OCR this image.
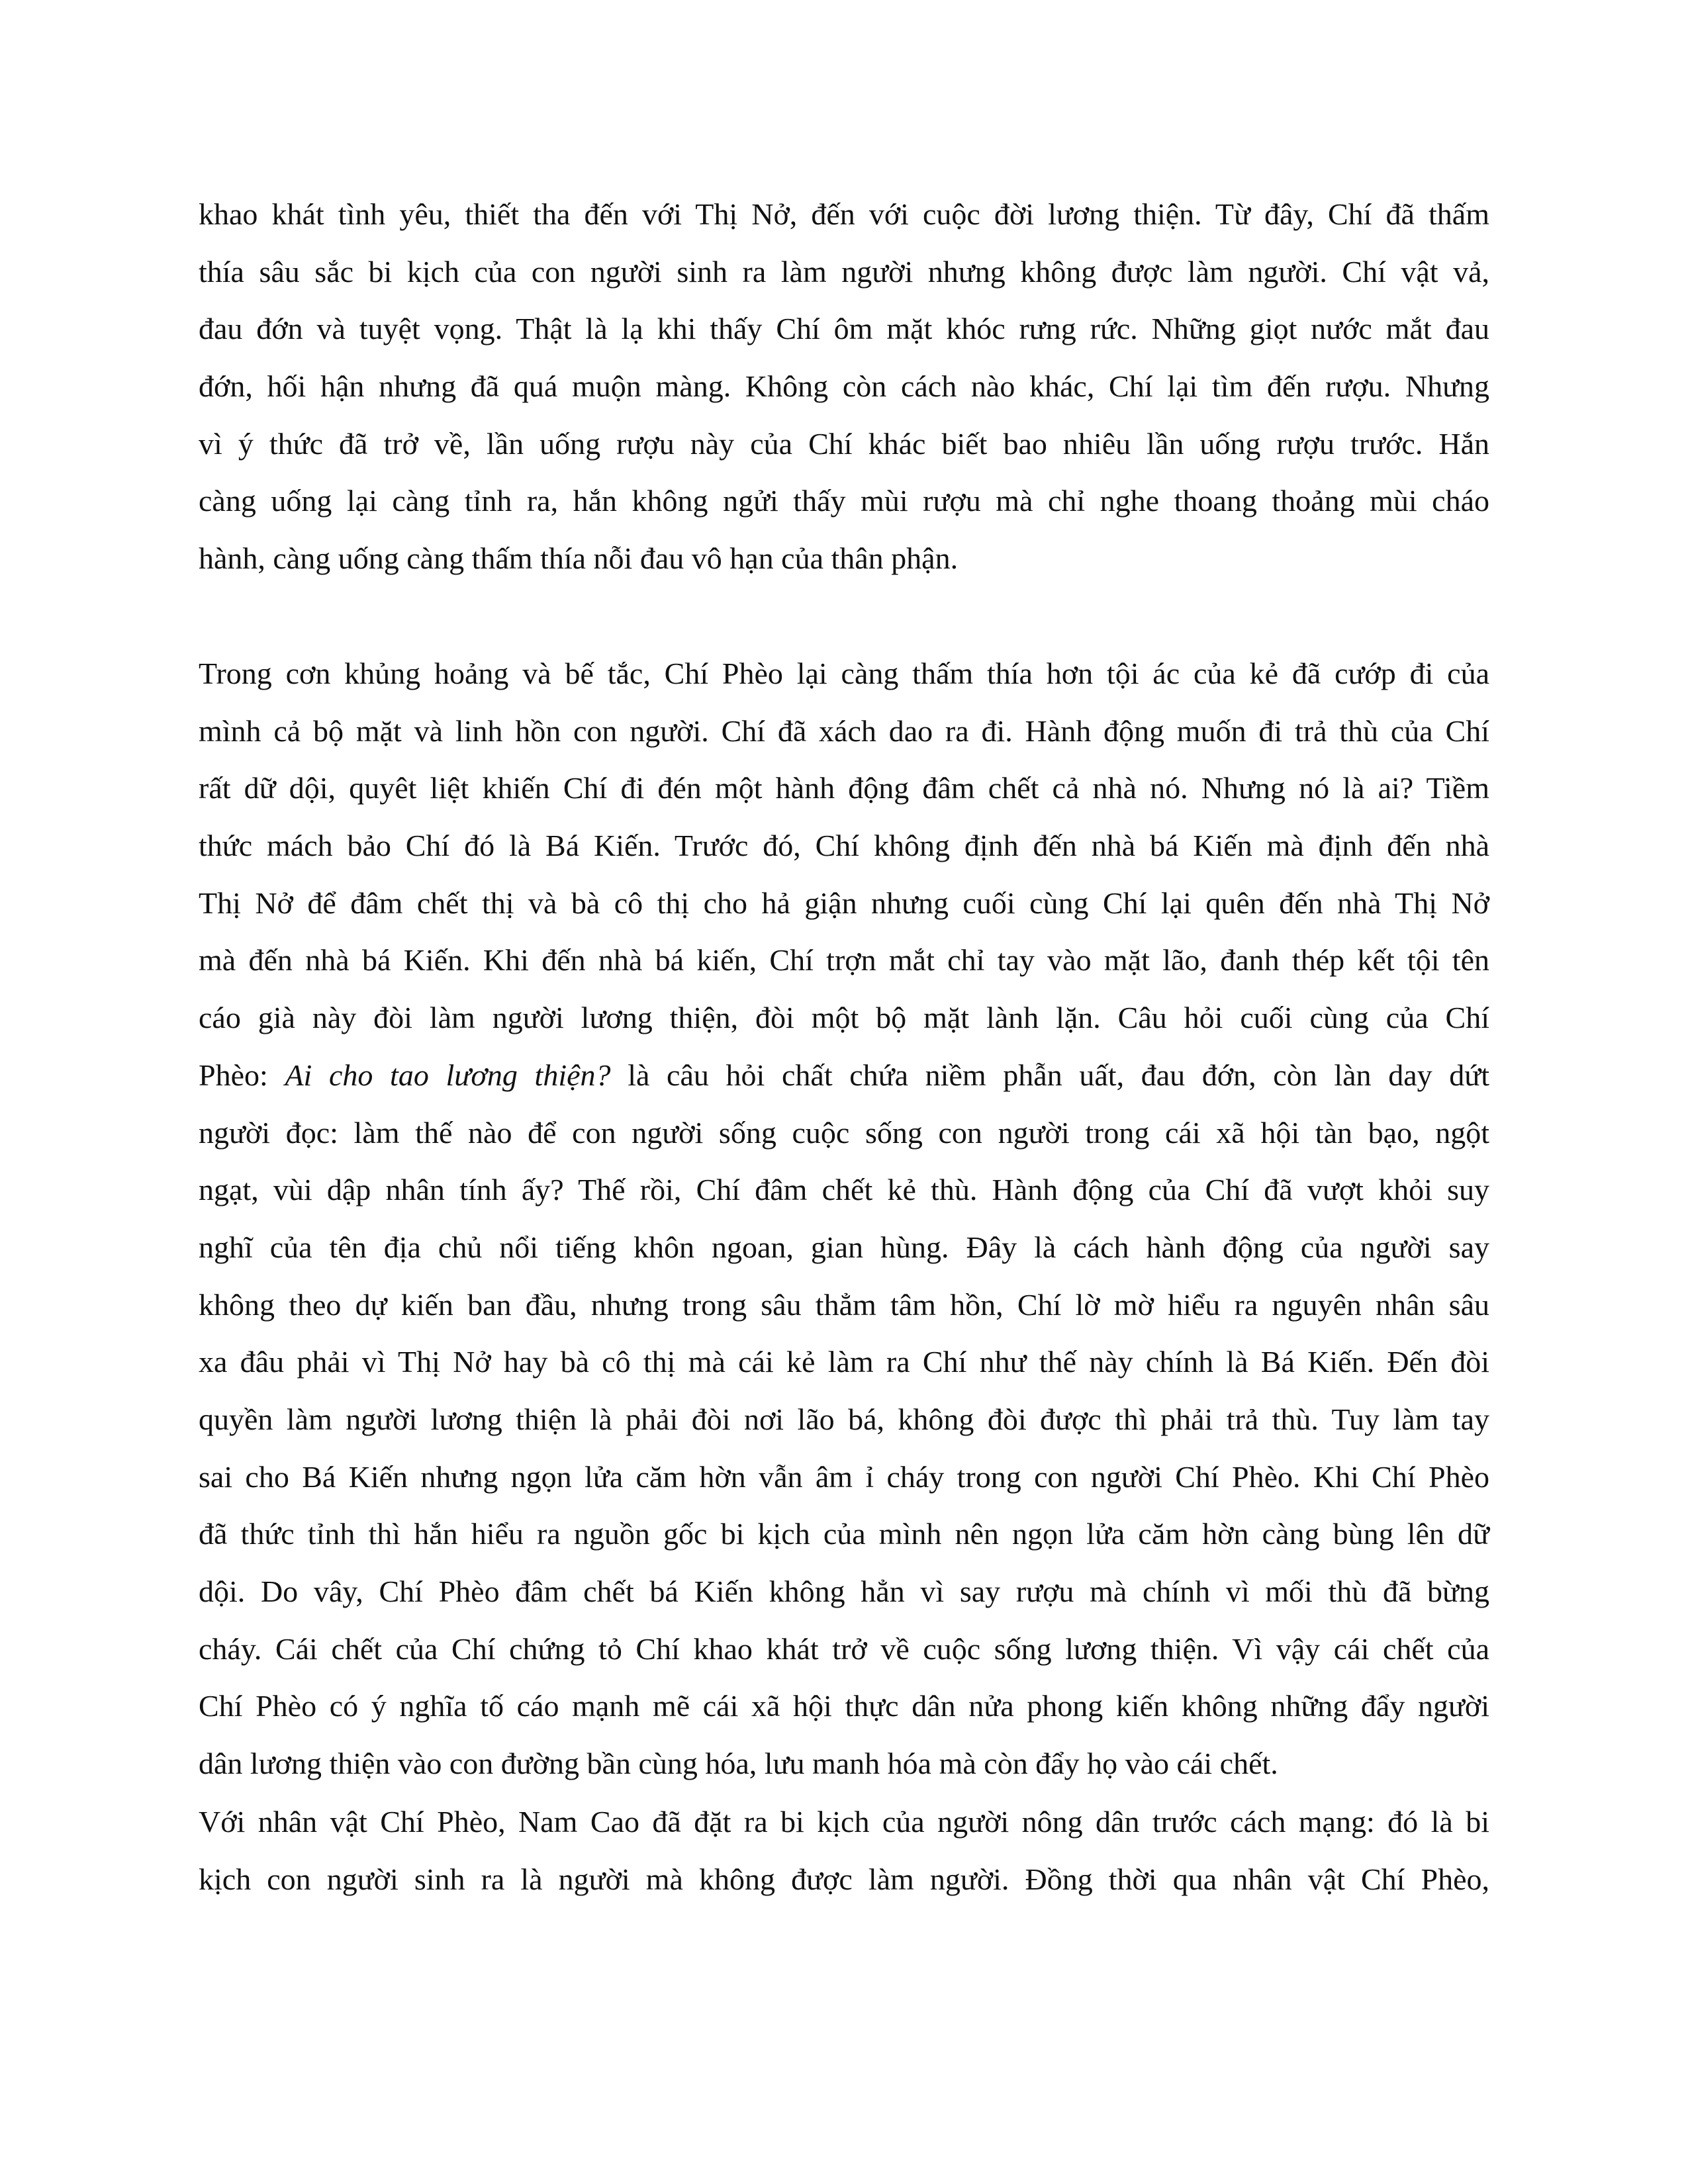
khao khát tình yêu, thiết tha đến với Thị Nở, đến với cuộc đời lương thiện. Từ đây, Chí đã thấm
thía sâu sắc bi kịch của con người sinh ra làm người nhưng không được làm người. Chí vật vả,
đau đớn và tuyệt vọng. Thật là lạ khi thấy Chí ôm mặt khóc rưng rức. Những giọt nước mắt đau
đớn, hối hận nhưng đã quá muộn màng. Không còn cách nào khác, Chí lại tìm đến rượu. Nhưng
vì ý thức đã trở về, lần uống rượu này của Chí khác biết bao nhiêu lần uống rượu trước. Hắn
càng uống lại càng tỉnh ra, hắn không ngửi thấy mùi rượu mà chỉ nghe thoang thoảng mùi cháo
hành, càng uống càng thấm thía nỗi đau vô hạn của thân phận.
Trong cơn khủng hoảng và bế tắc, Chí Phèo lại càng thấm thía hơn tội ác của kẻ đã cướp đi của
mình cả bộ mặt và linh hồn con người. Chí đã xách dao ra đi. Hành động muốn đi trả thù của Chí
rất dữ dội, quyêt liệt khiến Chí đi đén một hành động đâm chết cả nhà nó. Nhưng nó là ai? Tiềm
thức mách bảo Chí đó là Bá Kiến. Trước đó, Chí không định đến nhà bá Kiến mà định đến nhà
Thị Nở để đâm chết thị và bà cô thị cho hả giận nhưng cuối cùng Chí lại quên đến nhà Thị Nở
mà đến nhà bá Kiến. Khi đến nhà bá kiến, Chí trợn mắt chỉ tay vào mặt lão, đanh thép kết tội tên
cáo già này đòi làm người lương thiện, đòi một bộ mặt lành lặn. Câu hỏi cuối cùng của Chí
Phèo: Ai cho tao lương thiện? là câu hỏi chất chứa niềm phẫn uất, đau đớn, còn làn day dứt
người đọc: làm thế nào để con người sống cuộc sống con người trong cái xã hội tàn bạo, ngột
ngạt, vùi dập nhân tính ấy? Thế rồi, Chí đâm chết kẻ thù. Hành động của Chí đã vượt khỏi suy
nghĩ của tên địa chủ nổi tiếng khôn ngoan, gian hùng. Đây là cách hành động của người say
không theo dự kiến ban đầu, nhưng trong sâu thẳm tâm hồn, Chí lờ mờ hiểu ra nguyên nhân sâu
xa đâu phải vì Thị Nở hay bà cô thị mà cái kẻ làm ra Chí như thế này chính là Bá Kiến. Đến đòi
quyền làm người lương thiện là phải đòi nơi lão bá, không đòi được thì phải trả thù. Tuy làm tay
sai cho Bá Kiến nhưng ngọn lửa căm hờn vẫn âm ỉ cháy trong con người Chí Phèo. Khi Chí Phèo
đã thức tỉnh thì hắn hiểu ra nguồn gốc bi kịch của mình nên ngọn lửa căm hờn càng bùng lên dữ
dội. Do vây, Chí Phèo đâm chết bá Kiến không hẳn vì say rượu mà chính vì mối thù đã bừng
cháy. Cái chết của Chí chứng tỏ Chí khao khát trở về cuộc sống lương thiện. Vì vậy cái chết của
Chí Phèo có ý nghĩa tố cáo mạnh mẽ cái xã hội thực dân nửa phong kiến không những đẩy người
dân lương thiện vào con đường bần cùng hóa, lưu manh hóa mà còn đẩy họ vào cái chết.
Với nhân vật Chí Phèo, Nam Cao đã đặt ra bi kịch của người nông dân trước cách mạng: đó là bi
kịch con người sinh ra là người mà không được làm người. Đồng thời qua nhân vật Chí Phèo,
